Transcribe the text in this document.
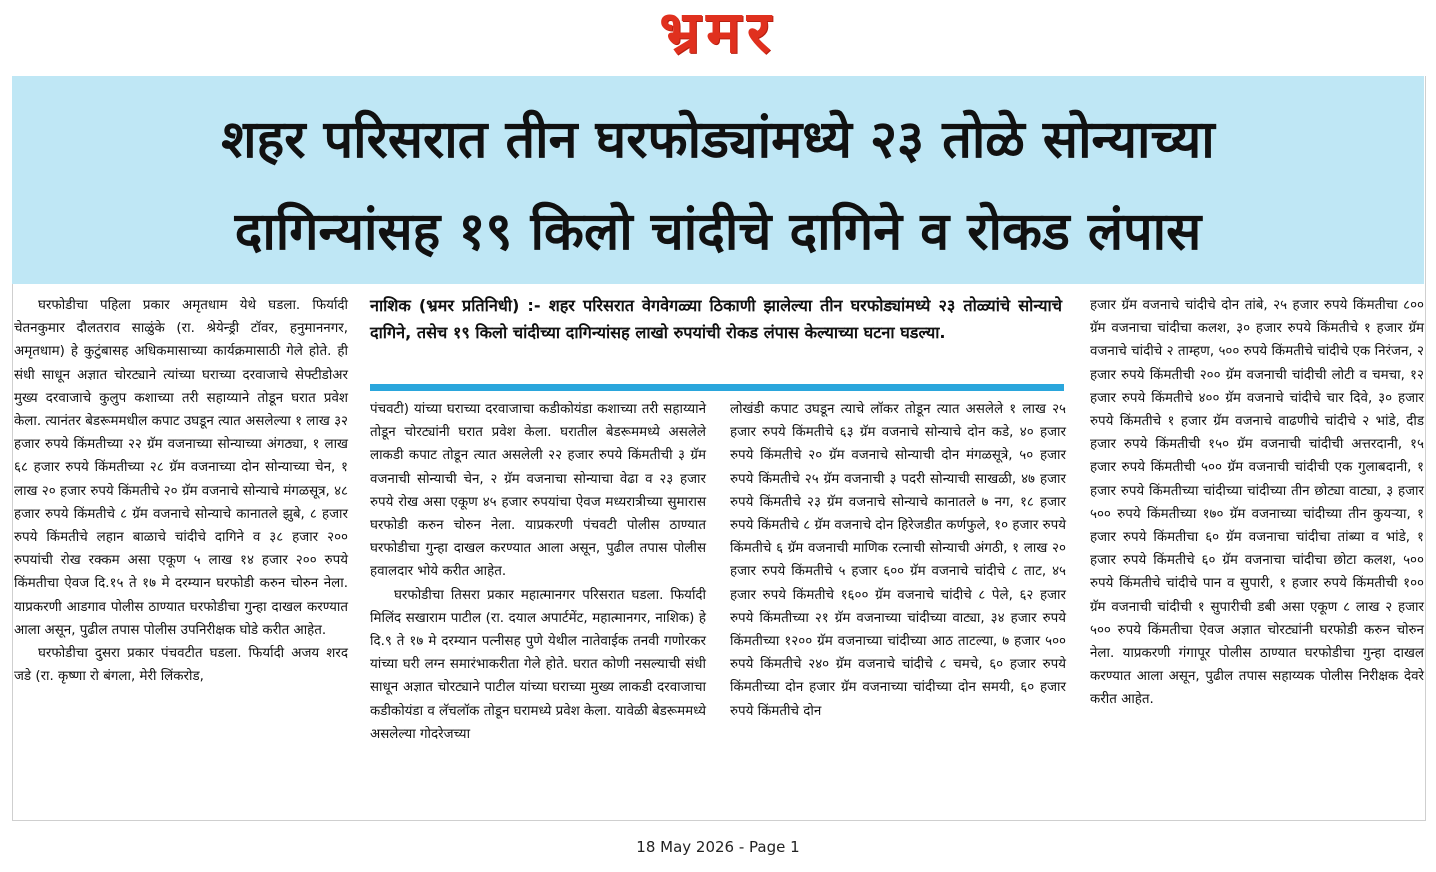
भ्रमर
शहर परिसरात तीन घरफोड्यांमध्ये २३ तोळे सोन्याच्या
दागिन्यांसह १९ किलो चांदीचे दागिने व रोकड लंपास

घरफोडीचा पहिला प्रकार अमृतधाम येथे घडला. फिर्यादी चेतनकुमार दौलतराव साळुंके (रा. श्रेयेन्ड्री टॉवर, हनुमाननगर, अमृतधाम) हे कुटुंबासह अधिकमासाच्या कार्यक्रमासाठी गेले होते. ही संधी साधून अज्ञात चोरट्याने त्यांच्या घराच्या दरवाजाचे सेफ्टीडोअर मुख्य दरवाजाचे कुलुप कशाच्या तरी सहाय्याने तोडून घरात प्रवेश केला. त्यानंतर बेडरूममधील कपाट उघडून त्यात असलेल्या १ लाख ३२ हजार रुपये किंमतीच्या २२ ग्रॅम वजनाच्या सोन्याच्या अंगठ्या, १ लाख ६८ हजार रुपये किंमतीच्या २८ ग्रॅम वजनाच्या दोन सोन्याच्या चेन, १ लाख २० हजार रुपये किंमतीचे २० ग्रॅम वजनाचे सोन्याचे मंगळसूत्र, ४८ हजार रुपये किंमतीचे ८ ग्रॅम वजनाचे सोन्याचे कानातले झुबे, ८ हजार रुपये किंमतीचे लहान बाळाचे चांदीचे दागिने व ३८ हजार २०० रुपयांची रोख रक्कम असा एकूण ५ लाख १४ हजार २०० रुपये किंमतीचा ऐवज दि.१५ ते १७ मे दरम्यान घरफोडी करुन चोरुन नेला. याप्रकरणी आडगाव पोलीस ठाण्यात घरफोडीचा गुन्हा दाखल करण्यात आला असून, पुढील तपास पोलीस उपनिरीक्षक घोडे करीत आहेत.

घरफोडीचा दुसरा प्रकार पंचवटीत घडला. फिर्यादी अजय शरद जडे (रा. कृष्णा रो बंगला, मेरी लिंकरोड,

नाशिक (भ्रमर प्रतिनिधी) :- शहर परिसरात वेगवेगळ्या ठिकाणी झालेल्या तीन घरफोड्यांमध्ये २३ तोळ्यांचे सोन्याचे दागिने, तसेच १९ किलो चांदीच्या दागिन्यांसह लाखो रुपयांची रोकड लंपास केल्याच्या घटना घडल्या.

पंचवटी) यांच्या घराच्या दरवाजाचा कडीकोयंडा कशाच्या तरी सहाय्याने तोडून चोरट्यांनी घरात प्रवेश केला. घरातील बेडरूममध्ये असलेले लाकडी कपाट तोडून त्यात असलेली २२ हजार रुपये किंमतीची ३ ग्रॅम वजनाची सोन्याची चेन, २ ग्रॅम वजनाचा सोन्याचा वेढा व २३ हजार रुपये रोख असा एकूण ४५ हजार रुपयांचा ऐवज मध्यरात्रीच्या सुमारास घरफोडी करुन चोरुन नेला. याप्रकरणी पंचवटी पोलीस ठाण्यात घरफोडीचा गुन्हा दाखल करण्यात आला असून, पुढील तपास पोलीस हवालदार भोये करीत आहेत.

घरफोडीचा तिसरा प्रकार महात्मानगर परिसरात घडला. फिर्यादी मिलिंद सखाराम पाटील (रा. दयाल अपार्टमेंट, महात्मानगर, नाशिक) हे दि.९ ते १७ मे दरम्यान पत्नीसह पुणे येथील नातेवाईक तनवी गणोरकर यांच्या घरी लग्न समारंभाकरीता गेले होते. घरात कोणी नसल्याची संधी साधून अज्ञात चोरट्याने पाटील यांच्या घराच्या मुख्य लाकडी दरवाजाचा कडीकोयंडा व लॅचलॉक तोडून घरामध्ये प्रवेश केला. यावेळी बेडरूममध्ये असलेल्या गोदरेजच्या

लोखंडी कपाट उघडून त्याचे लॉकर तोडून त्यात असलेले १ लाख २५ हजार रुपये किंमतीचे ६३ ग्रॅम वजनाचे सोन्याचे दोन कडे, ४० हजार रुपये किंमतीचे २० ग्रॅम वजनाचे सोन्याची दोन मंगळसूत्रे, ५० हजार रुपये किंमतीचे २५ ग्रॅम वजनाची ३ पदरी सोन्याची साखळी, ४७ हजार रुपये किंमतीचे २३ ग्रॅम वजनाचे सोन्याचे कानातले ७ नग, १८ हजार रुपये किंमतीचे ८ ग्रॅम वजनाचे दोन हिरेजडीत कर्णफुले, १० हजार रुपये किंमतीचे ६ ग्रॅम वजनाची माणिक रत्नाची सोन्याची अंगठी, १ लाख २० हजार रुपये किंमतीचे ५ हजार ६०० ग्रॅम वजनाचे चांदीचे ८ ताट, ४५ हजार रुपये किंमतीचे १६०० ग्रॅम वजनाचे चांदीचे ८ पेले, ६२ हजार रुपये किंमतीच्या २१ ग्रॅम वजनाच्या चांदीच्या वाट्या, ३४ हजार रुपये किंमतीच्या १२०० ग्रॅम वजनाच्या चांदीच्या आठ ताटल्या, ७ हजार ५०० रुपये किंमतीचे २४० ग्रॅम वजनाचे चांदीचे ८ चमचे, ६० हजार रुपये किंमतीच्या दोन हजार ग्रॅम वजनाच्या चांदीच्या दोन समयी, ६० हजार रुपये किंमतीचे दोन

हजार ग्रॅम वजनाचे चांदीचे दोन तांबे, २५ हजार रुपये किंमतीचा ८०० ग्रॅम वजनाचा चांदीचा कलश, ३० हजार रुपये किंमतीचे १ हजार ग्रॅम वजनाचे चांदीचे २ ताम्हण, ५०० रुपये किंमतीचे चांदीचे एक निरंजन, २ हजार रुपये किंमतीची २०० ग्रॅम वजनाची चांदीची लोटी व चमचा, १२ हजार रुपये किंमतीचे ४०० ग्रॅम वजनाचे चांदीचे चार दिवे, ३० हजार रुपये किंमतीचे १ हजार ग्रॅम वजनाचे वाढणीचे चांदीचे २ भांडे, दीड हजार रुपये किंमतीची १५० ग्रॅम वजनाची चांदीची अत्तरदानी, १५ हजार रुपये किंमतीची ५०० ग्रॅम वजनाची चांदीची एक गुलाबदानी, १ हजार रुपये किंमतीच्या चांदीच्या चांदीच्या तीन छोट्या वाट्या, ३ हजार ५०० रुपये किंमतीच्या १७० ग्रॅम वजनाच्या चांदीच्या तीन कुयऱ्या, १ हजार रुपये किंमतीचा ६० ग्रॅम वजनाचा चांदीचा तांब्या व भांडे, १ हजार रुपये किंमतीचे ६० ग्रॅम वजनाचा चांदीचा छोटा कलश, ५०० रुपये किंमतीचे चांदीचे पान व सुपारी, १ हजार रुपये किंमतीची १०० ग्रॅम वजनाची चांदीची १ सुपारीची डबी असा एकूण ८ लाख २ हजार ५०० रुपये किंमतीचा ऐवज अज्ञात चोरट्यांनी घरफोडी करुन चोरुन नेला. याप्रकरणी गंगापूर पोलीस ठाण्यात घरफोडीचा गुन्हा दाखल करण्यात आला असून, पुढील तपास सहाय्यक पोलीस निरीक्षक देवरे करीत आहेत.

18 May 2026 - Page 1
